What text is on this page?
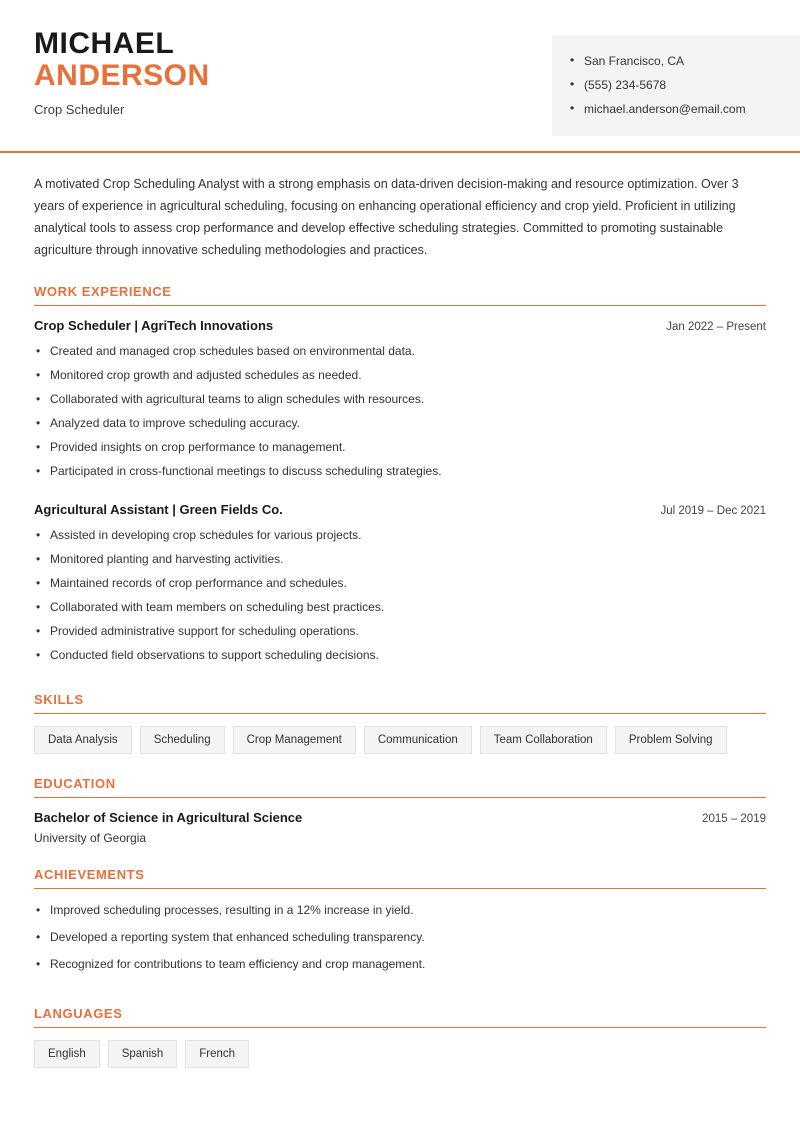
MICHAEL
ANDERSON
Crop Scheduler
• San Francisco, CA
• (555) 234-5678
• michael.anderson@email.com
A motivated Crop Scheduling Analyst with a strong emphasis on data-driven decision-making and resource optimization. Over 3 years of experience in agricultural scheduling, focusing on enhancing operational efficiency and crop yield. Proficient in utilizing analytical tools to assess crop performance and develop effective scheduling strategies. Committed to promoting sustainable agriculture through innovative scheduling methodologies and practices.
WORK EXPERIENCE
Crop Scheduler | AgriTech Innovations	Jan 2022 – Present
• Created and managed crop schedules based on environmental data.
• Monitored crop growth and adjusted schedules as needed.
• Collaborated with agricultural teams to align schedules with resources.
• Analyzed data to improve scheduling accuracy.
• Provided insights on crop performance to management.
• Participated in cross-functional meetings to discuss scheduling strategies.
Agricultural Assistant | Green Fields Co.	Jul 2019 – Dec 2021
• Assisted in developing crop schedules for various projects.
• Monitored planting and harvesting activities.
• Maintained records of crop performance and schedules.
• Collaborated with team members on scheduling best practices.
• Provided administrative support for scheduling operations.
• Conducted field observations to support scheduling decisions.
SKILLS
Data Analysis	Scheduling	Crop Management	Communication	Team Collaboration	Problem Solving
EDUCATION
Bachelor of Science in Agricultural Science	2015 – 2019
University of Georgia
ACHIEVEMENTS
• Improved scheduling processes, resulting in a 12% increase in yield.
• Developed a reporting system that enhanced scheduling transparency.
• Recognized for contributions to team efficiency and crop management.
LANGUAGES
English	Spanish	French
